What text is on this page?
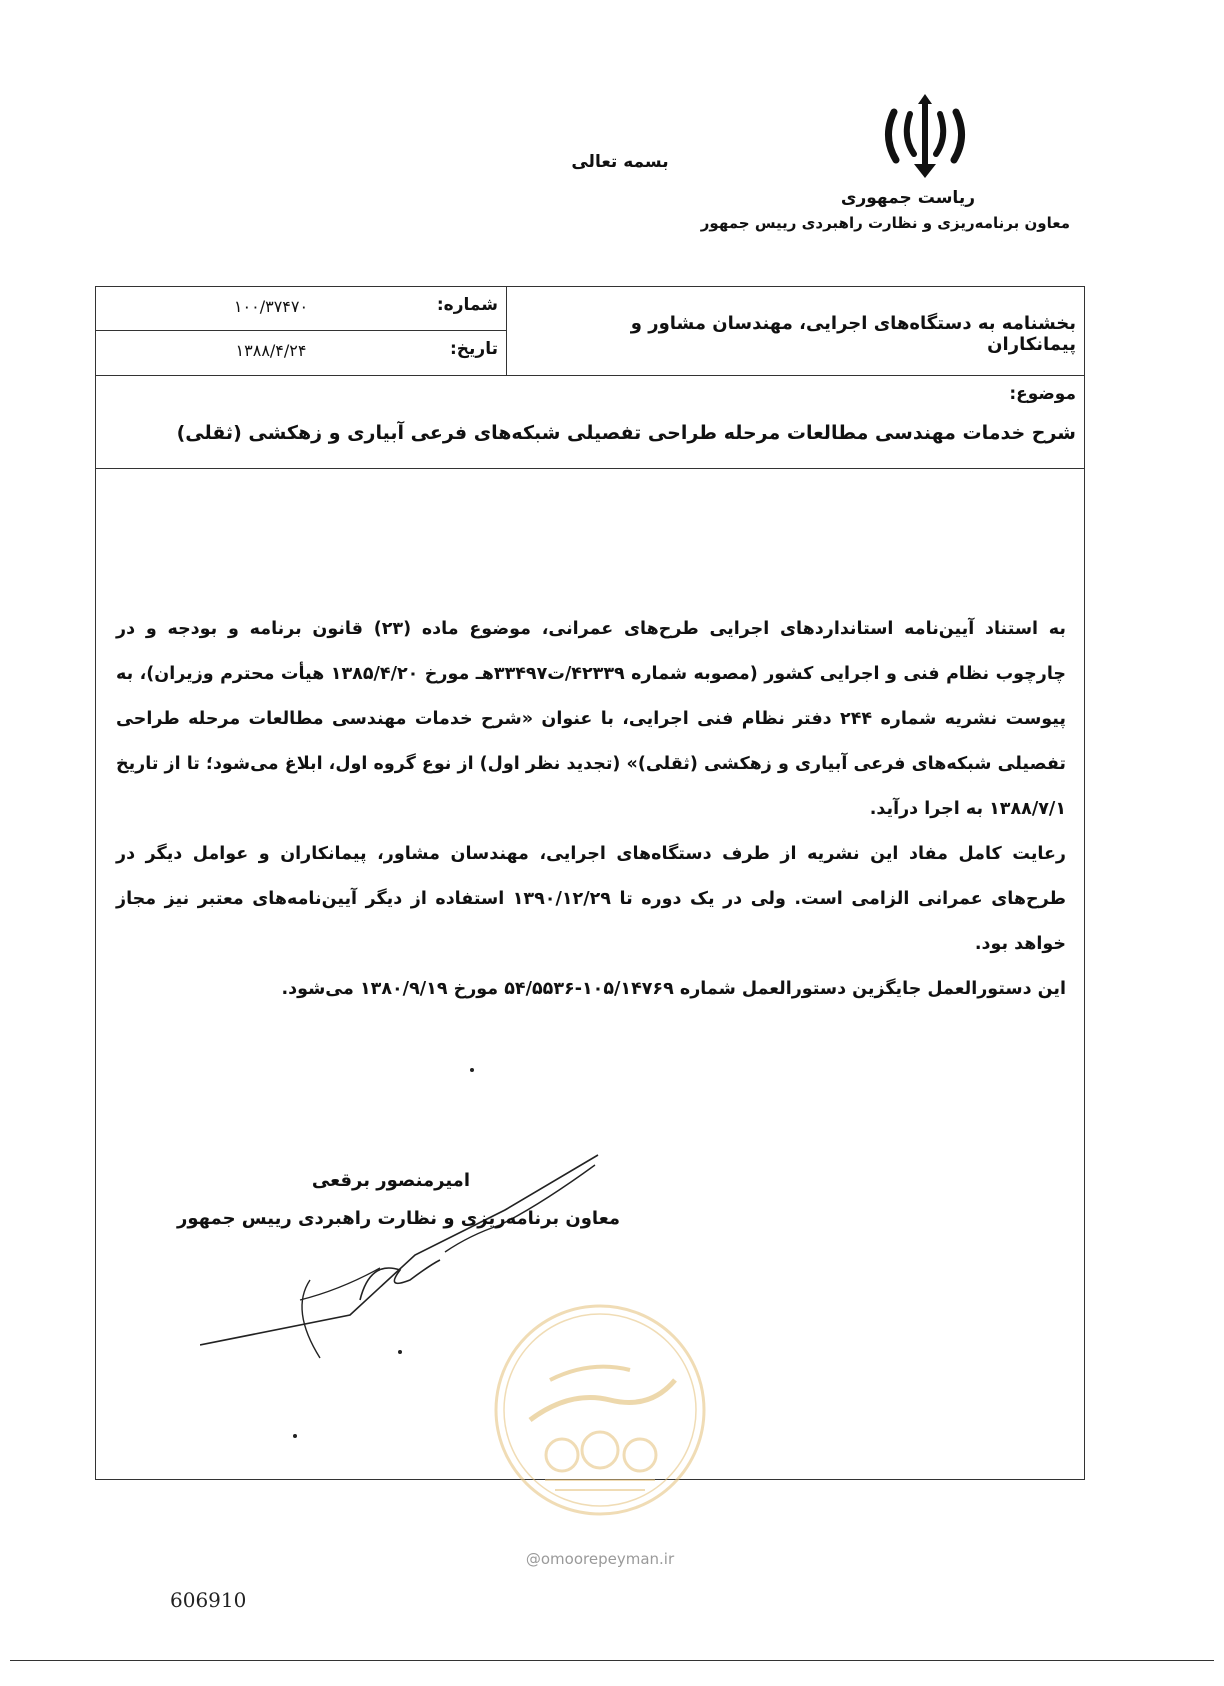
بسمه تعالی
ریاست جمهوری
معاون برنامه‌ریزی و نظارت راهبردی رییس جمهور
بخشنامه به دستگاه‌های اجرایی، مهندسان مشاور و پیمانکاران
شماره:
۱۰۰/۳۷۴۷۰
تاریخ:
۱۳۸۸/۴/۲۴
موضوع:
شرح خدمات مهندسی مطالعات مرحله طراحی تفصیلی شبکه‌های فرعی آبیاری و زهکشی (ثقلی)

به استناد آیین‌نامه استانداردهای اجرایی طرح‌های عمرانی، موضوع ماده (۲۳) قانون برنامه و بودجه و در چارچوب نظام فنی و اجرایی کشور (مصوبه شماره ۴۲۳۳۹/ت۳۳۴۹۷هـ مورخ ۱۳۸۵/۴/۲۰ هیأت محترم وزیران)، به پیوست نشریه شماره ۲۴۴ دفتر نظام فنی اجرایی، با عنوان «شرح خدمات مهندسی مطالعات مرحله طراحی تفصیلی شبکه‌های فرعی آبیاری و زهکشی (ثقلی)» (تجدید نظر اول) از نوع گروه اول، ابلاغ می‌شود؛ تا از تاریخ ۱۳۸۸/۷/۱ به اجرا درآید.

رعایت کامل مفاد این نشریه از طرف دستگاه‌های اجرایی، مهندسان مشاور، پیمانکاران و عوامل دیگر در طرح‌های عمرانی الزامی است. ولی در یک دوره تا ۱۳۹۰/۱۲/۲۹ استفاده از دیگر آیین‌نامه‌های معتبر نیز مجاز خواهد بود.

این دستورالعمل جایگزین دستورالعمل شماره ۱۰۵/۱۴۷۶۹-۵۴/۵۵۳۶ مورخ ۱۳۸۰/۹/۱۹ می‌شود.

امیرمنصور برقعی
معاون برنامه‌ریزی و نظارت راهبردی رییس جمهور
@omoorepeyman.ir
606910
